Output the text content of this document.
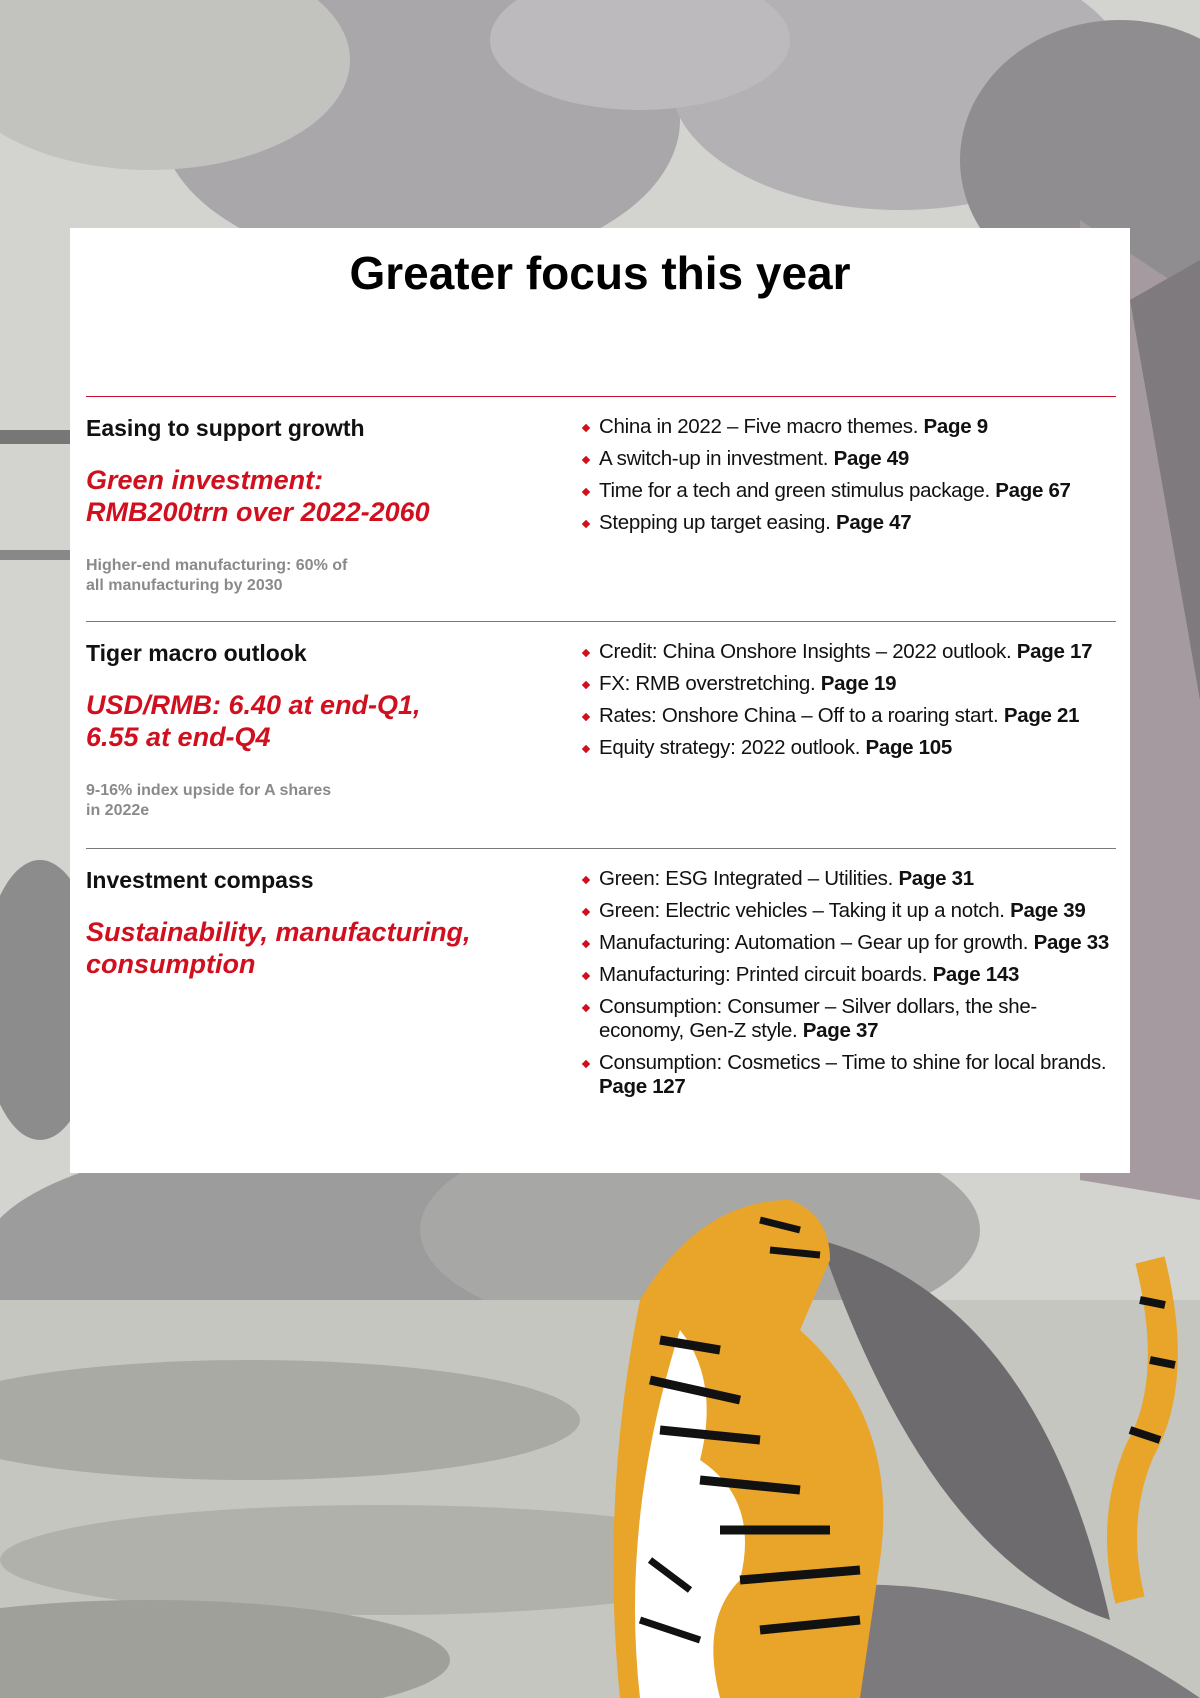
Greater focus this year

Easing to support growth

Green investment:
RMB200trn over 2022-2060

Higher-end manufacturing: 60% of
all manufacturing by 2030

China in 2022 – Five macro themes. Page 9
A switch-up in investment. Page 49
Time for a tech and green stimulus package. Page 67
Stepping up target easing. Page 47

Tiger macro outlook

USD/RMB: 6.40 at end-Q1,
6.55 at end-Q4

9-16% index upside for A shares
in 2022e

Credit: China Onshore Insights – 2022 outlook. Page 17
FX: RMB overstretching. Page 19
Rates: Onshore China – Off to a roaring start. Page 21
Equity strategy: 2022 outlook. Page 105

Investment compass

Sustainability, manufacturing,
consumption

Green: ESG Integrated – Utilities. Page 31
Green: Electric vehicles – Taking it up a notch. Page 39
Manufacturing: Automation – Gear up for growth. Page 33
Manufacturing: Printed circuit boards. Page 143
Consumption: Consumer – Silver dollars, the she-economy, Gen-Z style. Page 37
Consumption: Cosmetics – Time to shine for local brands. Page 127
